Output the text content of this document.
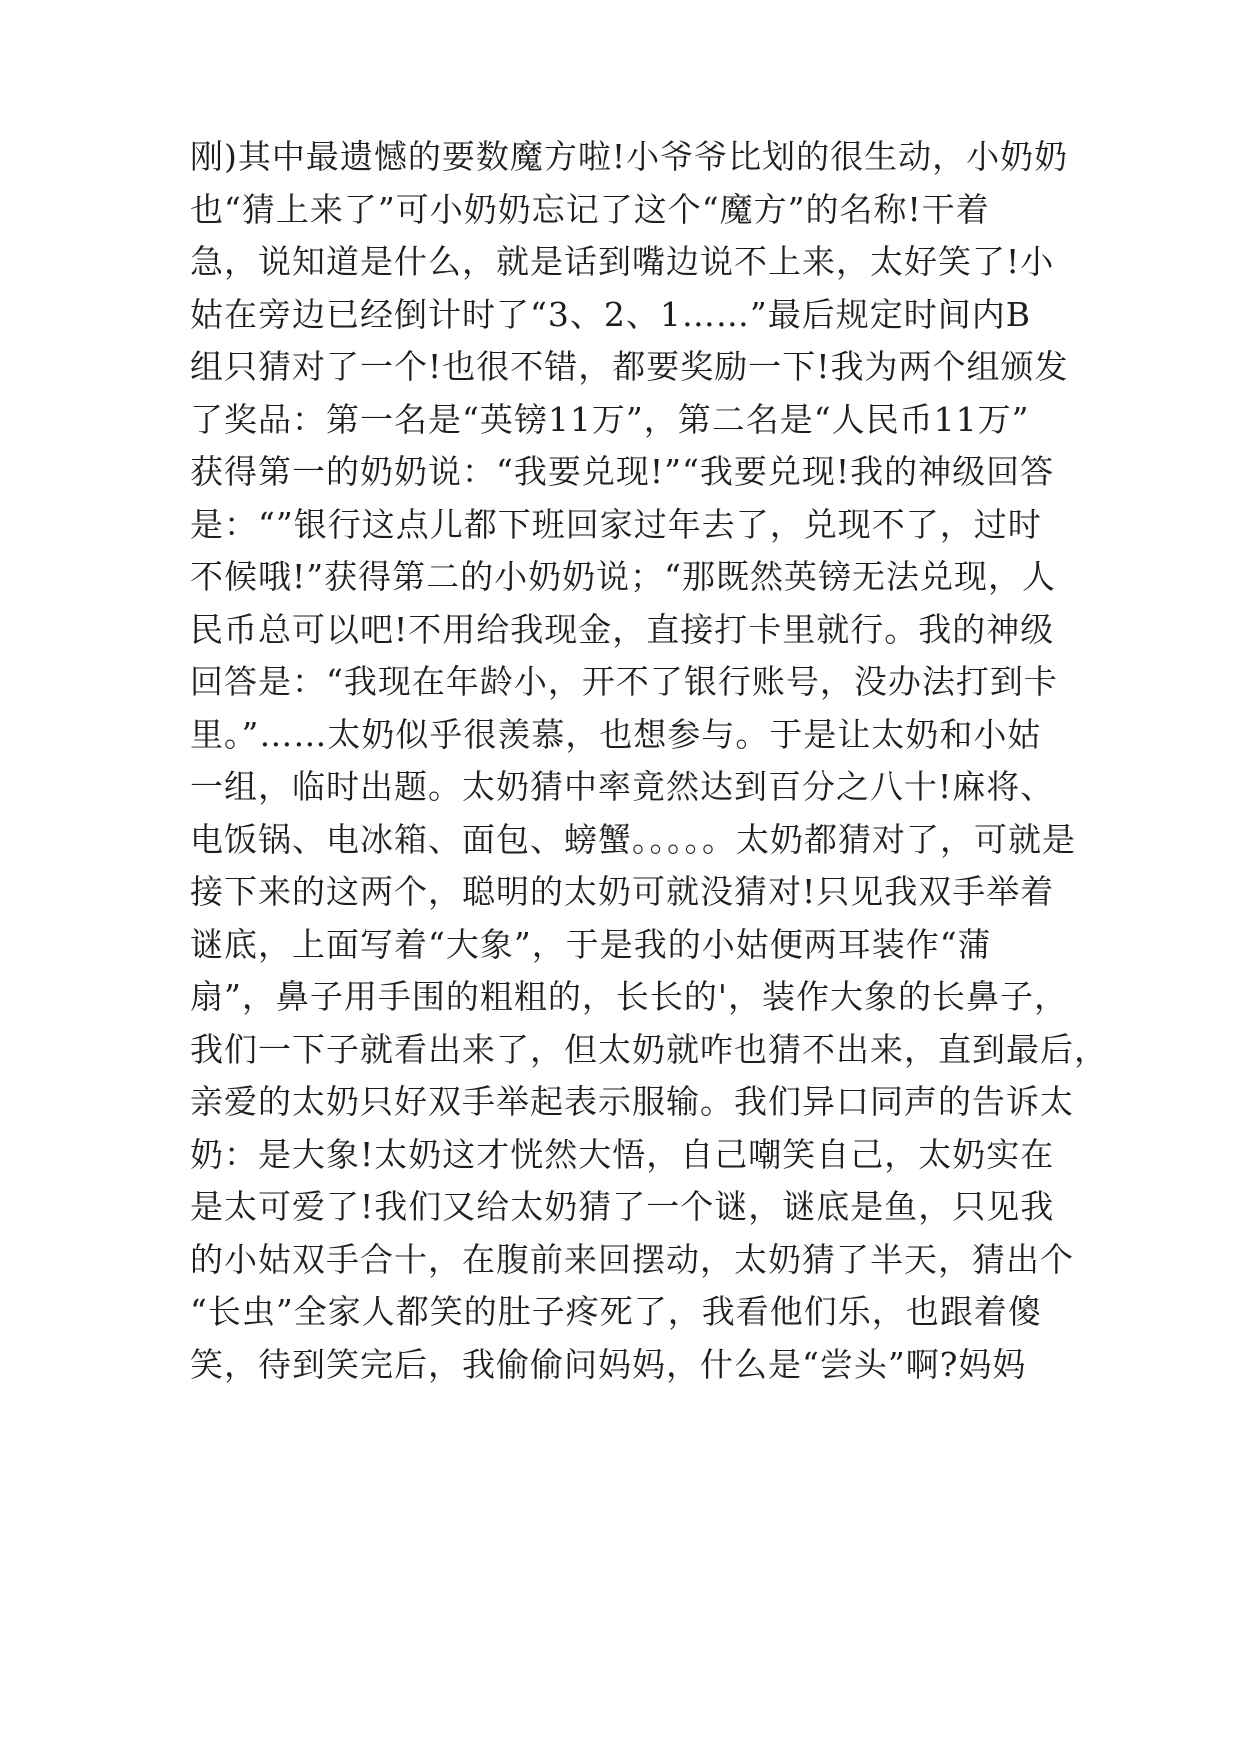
刚)其中最遗憾的要数魔方啦!小爷爷比划的很生动，小奶奶
也“猜上来了”可小奶奶忘记了这个“魔方”的名称!干着
急，说知道是什么，就是话到嘴边说不上来，太好笑了!小
姑在旁边已经倒计时了“3、2、1……”最后规定时间内B
组只猜对了一个!也很不错，都要奖励一下!我为两个组颁发
了奖品：第一名是“英镑11万”，第二名是“人民币11万”
获得第一的奶奶说：“我要兑现!”“我要兑现!我的神级回答
是：“”银行这点儿都下班回家过年去了，兑现不了，过时
不候哦!”获得第二的小奶奶说；“那既然英镑无法兑现，人
民币总可以吧!不用给我现金，直接打卡里就行。我的神级
回答是：“我现在年龄小，开不了银行账号，没办法打到卡
里。”……太奶似乎很羡慕，也想参与。于是让太奶和小姑
一组，临时出题。太奶猜中率竟然达到百分之八十!麻将、
电饭锅、电冰箱、面包、螃蟹。。。。。太奶都猜对了，可就是
接下来的这两个，聪明的太奶可就没猜对!只见我双手举着
谜底，上面写着“大象”，于是我的小姑便两耳装作“蒲
扇”，鼻子用手围的粗粗的，长长的'，装作大象的长鼻子，
我们一下子就看出来了，但太奶就咋也猜不出来，直到最后，
亲爱的太奶只好双手举起表示服输。我们异口同声的告诉太
奶：是大象!太奶这才恍然大悟，自己嘲笑自己，太奶实在
是太可爱了!我们又给太奶猜了一个谜，谜底是鱼，只见我
的小姑双手合十，在腹前来回摆动，太奶猜了半天，猜出个
“长虫”全家人都笑的肚子疼死了，我看他们乐，也跟着傻
笑，待到笑完后，我偷偷问妈妈，什么是“尝头”啊?妈妈
